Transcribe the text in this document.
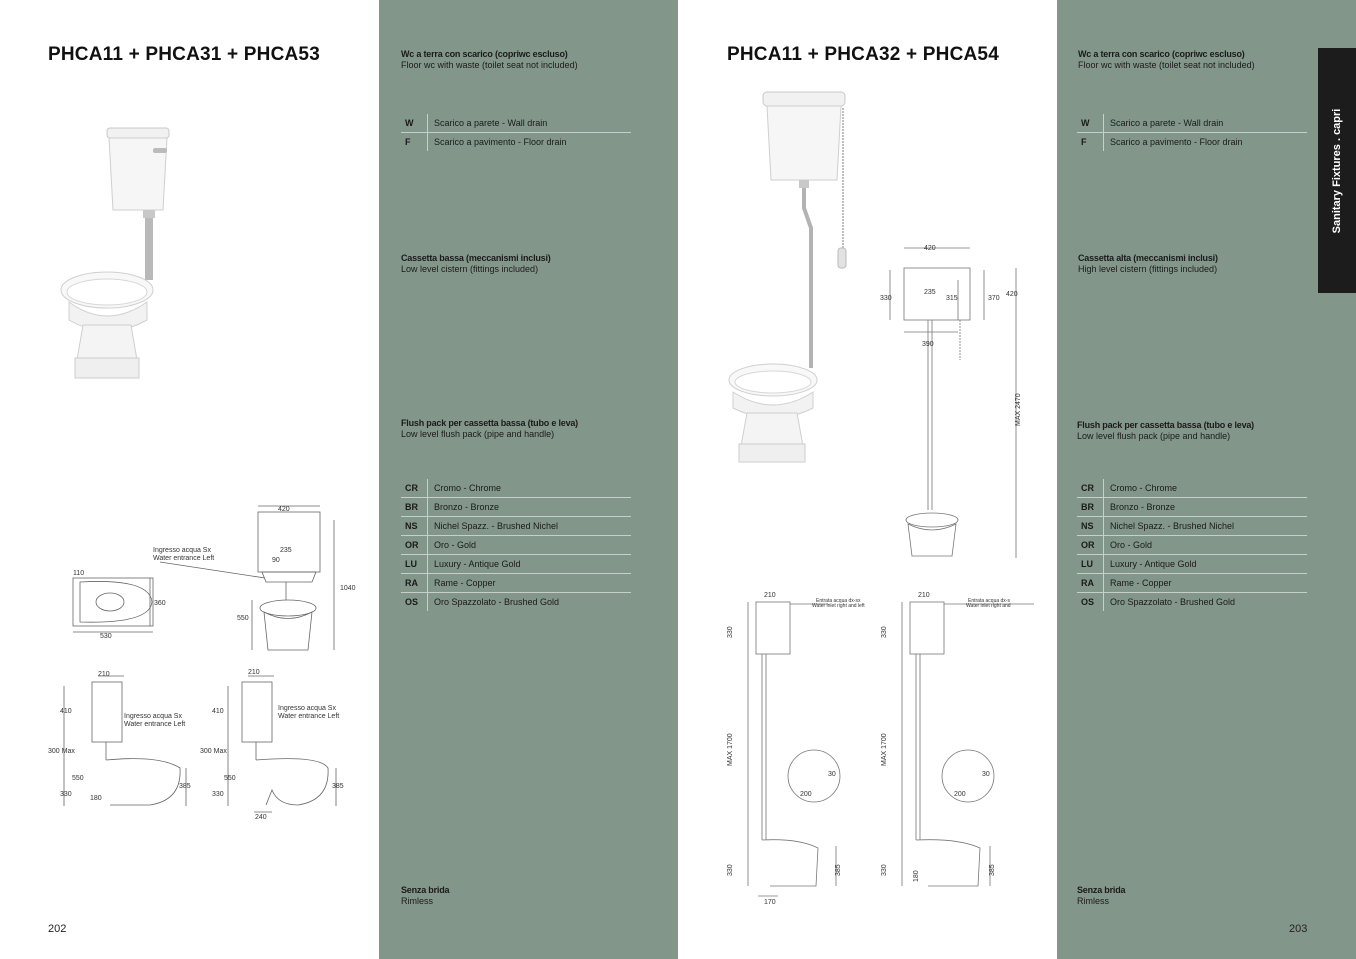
PHCA11 + PHCA31 + PHCA53	Wc a terra con scarico (copriwc escluso)
Floor wc with waste (toilet seat not included)
W	Scarico a parete - Wall drain
F	Scarico a pavimento - Floor drain
Cassetta bassa (meccanismi inclusi)
Low level cistern (fittings included)
Flush pack per cassetta bassa (tubo e leva)
Low level flush pack (pipe and handle)
CR	Cromo - Chrome
BR	Bronzo - Bronze
NS	Nichel Spazz. - Brushed Nichel
OR	Oro - Gold
LU	Luxury - Antique Gold
RA	Rame - Copper
OS	Oro Spazzolato - Brushed Gold
Senza brida
Rimless
Ingresso acqua Sx
Water entrance Left
420
235
90
550
1040
110
360
530
210
410
Ingresso acqua Sx
Water entrance Left
300 Max
550
330
180
385
210
410	Ingresso acqua Sx
Water entrance Left
300 Max
550
330
385
240
202
PHCA11 + PHCA32 + PHCA54
420
235
330	315	370
420
390
MAX 2470
210
Entrata acqua dx-sx
Water inlet right and left
330
MAX 1700
200
30
330	385
170
210
Entrata acqua dx-s
Water inlet right and
330
MAX 1700
200
30
330
180
385
Wc a terra con scarico (copriwc escluso)
Floor wc with waste (toilet seat not included)
W	Scarico a parete - Wall drain
F	Scarico a pavimento - Floor drain
Cassetta alta (meccanismi inclusi)
High level cistern (fittings included)
Flush pack per cassetta bassa (tubo e leva)
Low level flush pack (pipe and handle)
CR	Cromo - Chrome
BR	Bronzo - Bronze
NS	Nichel Spazz. - Brushed Nichel
OR	Oro - Gold
LU	Luxury - Antique Gold
RA	Rame - Copper
OS	Oro Spazzolato - Brushed Gold
Senza brida
Rimless
203
Sanitary Fixtures . capri
